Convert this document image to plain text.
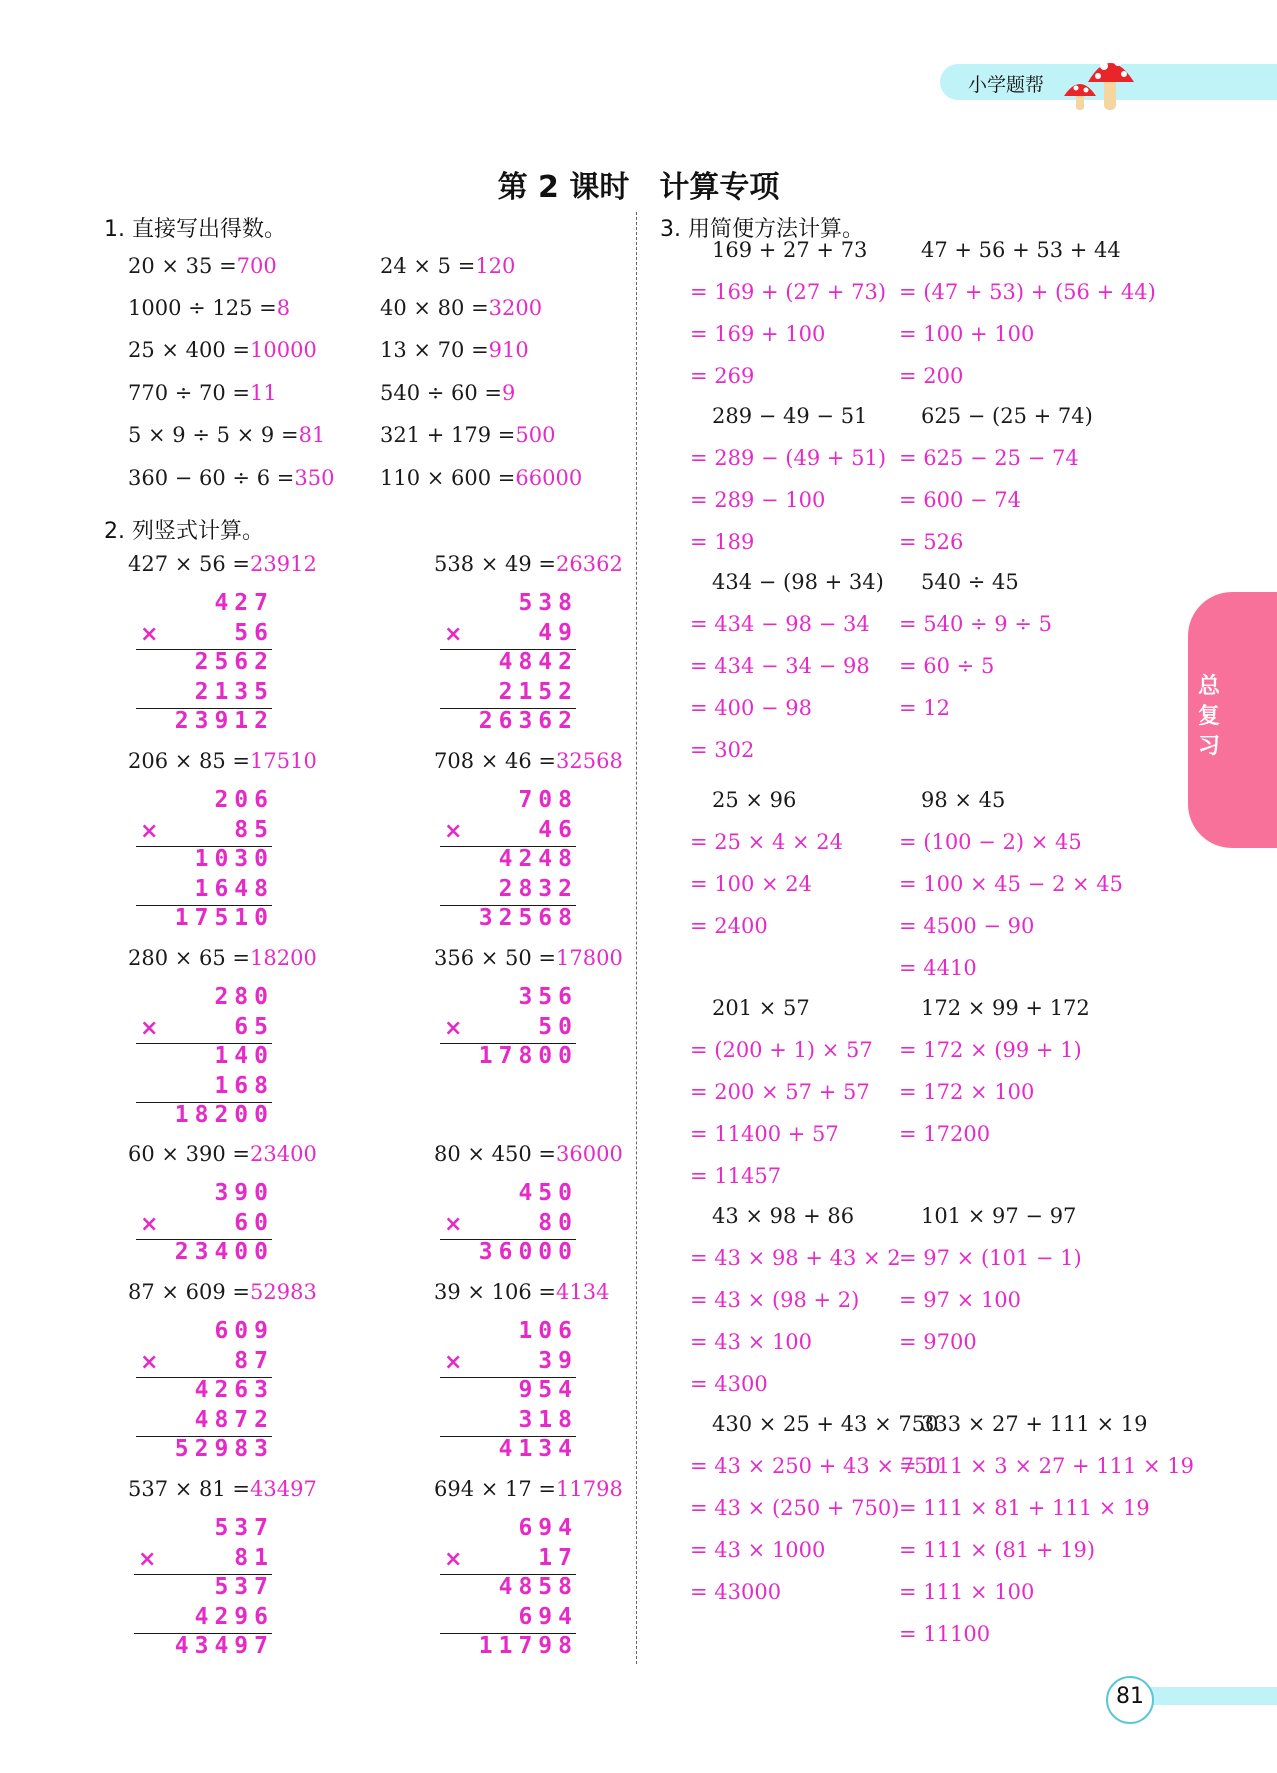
小学题帮
第 2 课时　计算专项
总复习
81
1. 直接写出得数。
2. 列竖式计算。
3. 用简便方法计算。
20 × 35 =700	24 × 5 =120
1000 ÷ 125 =8	40 × 80 =3200
25 × 400 =10000	13 × 70 =910
770 ÷ 70 =11	540 ÷ 60 =9
5 × 9 ÷ 5 × 9 =81	321 + 179 =500
360 − 60 ÷ 6 =350 110 × 600 =66000
427 × 56 =23912
427
56
×
2562
2135
23912
538 × 49 =26362
538
49
×
4842
2152
26362
206 × 85 =17510
206
85
×
1030
1648
17510
708 × 46 =32568
708
46
×
4248
2832
32568
280 × 65 =18200
280
65
×
140
168
18200
356 × 50 =17800
356
50
×
17800
60 × 390 =23400
390
60
×
23400
80 × 450 =36000
450
80
×
36000
87 × 609 =52983
609
87
×
4263
4872
52983
39 × 106 =4134
106
39
×
954
318
4134
537 × 81 =43497
537
81
×
537
4296
43497
694 × 17 =11798
694
17
×
4858
694
11798
169 + 27 + 73
= 169 + (27 + 73)
= 169 + 100
= 269
47 + 56 + 53 + 44
= (47 + 53) + (56 + 44)
= 100 + 100
= 200
289 − 49 − 51
= 289 − (49 + 51)
= 289 − 100
= 189
625 − (25 + 74)
= 625 − 25 − 74
= 600 − 74
= 526
434 − (98 + 34)
= 434 − 98 − 34
= 434 − 34 − 98
= 400 − 98
= 302
540 ÷ 45
= 540 ÷ 9 ÷ 5
= 60 ÷ 5
= 12
25 × 96
= 25 × 4 × 24
= 100 × 24
= 2400
98 × 45
= (100 − 2) × 45
= 100 × 45 − 2 × 45
= 4500 − 90
= 4410
201 × 57
= (200 + 1) × 57
= 200 × 57 + 57
= 11400 + 57
= 11457
172 × 99 + 172
= 172 × (99 + 1)
= 172 × 100
= 17200
43 × 98 + 86
= 43 × 98 + 43 × 2
= 43 × (98 + 2)
= 43 × 100
= 4300
101 × 97 − 97
= 97 × (101 − 1)
= 97 × 100
= 9700
430 × 25 + 43 × 750
= 43 × 250 + 43 × 750
= 43 × (250 + 750)
= 43 × 1000
= 43000
333 × 27 + 111 × 19
= 111 × 3 × 27 + 111 × 19
= 111 × 81 + 111 × 19
= 111 × (81 + 19)
= 111 × 100
= 11100
